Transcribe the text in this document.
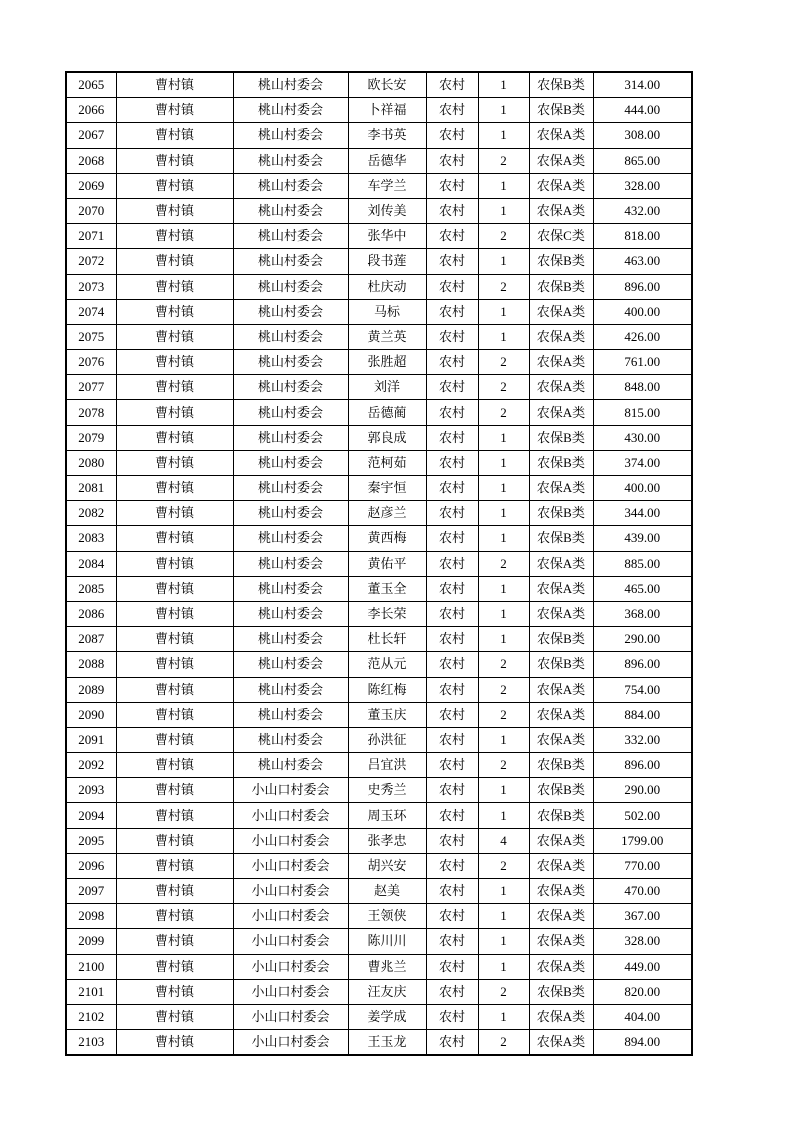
2065	曹村镇	桃山村委会	欧长安	农村	1	农保B类	314.00
2066	曹村镇	桃山村委会	卜祥福	农村	1	农保B类	444.00
2067	曹村镇	桃山村委会	李书英	农村	1	农保A类	308.00
2068	曹村镇	桃山村委会	岳德华	农村	2	农保A类	865.00
2069	曹村镇	桃山村委会	车学兰	农村	1	农保A类	328.00
2070	曹村镇	桃山村委会	刘传美	农村	1	农保A类	432.00
2071	曹村镇	桃山村委会	张华中	农村	2	农保C类	818.00
2072	曹村镇	桃山村委会	段书莲	农村	1	农保B类	463.00
2073	曹村镇	桃山村委会	杜庆动	农村	2	农保B类	896.00
2074	曹村镇	桃山村委会	马标	农村	1	农保A类	400.00
2075	曹村镇	桃山村委会	黄兰英	农村	1	农保A类	426.00
2076	曹村镇	桃山村委会	张胜超	农村	2	农保A类	761.00
2077	曹村镇	桃山村委会	刘洋	农村	2	农保A类	848.00
2078	曹村镇	桃山村委会	岳德蔺	农村	2	农保A类	815.00
2079	曹村镇	桃山村委会	郭良成	农村	1	农保B类	430.00
2080	曹村镇	桃山村委会	范柯茹	农村	1	农保B类	374.00
2081	曹村镇	桃山村委会	秦宇恒	农村	1	农保A类	400.00
2082	曹村镇	桃山村委会	赵彦兰	农村	1	农保B类	344.00
2083	曹村镇	桃山村委会	黄西梅	农村	1	农保B类	439.00
2084	曹村镇	桃山村委会	黄佑平	农村	2	农保A类	885.00
2085	曹村镇	桃山村委会	董玉全	农村	1	农保A类	465.00
2086	曹村镇	桃山村委会	李长荣	农村	1	农保A类	368.00
2087	曹村镇	桃山村委会	杜长轩	农村	1	农保B类	290.00
2088	曹村镇	桃山村委会	范从元	农村	2	农保B类	896.00
2089	曹村镇	桃山村委会	陈红梅	农村	2	农保A类	754.00
2090	曹村镇	桃山村委会	董玉庆	农村	2	农保A类	884.00
2091	曹村镇	桃山村委会	孙洪征	农村	1	农保A类	332.00
2092	曹村镇	桃山村委会	吕宜洪	农村	2	农保B类	896.00
2093	曹村镇	小山口村委会	史秀兰	农村	1	农保B类	290.00
2094	曹村镇	小山口村委会	周玉环	农村	1	农保B类	502.00
2095	曹村镇	小山口村委会	张孝忠	农村	4	农保A类	1799.00
2096	曹村镇	小山口村委会	胡兴安	农村	2	农保A类	770.00
2097	曹村镇	小山口村委会	赵美	农村	1	农保A类	470.00
2098	曹村镇	小山口村委会	王领侠	农村	1	农保A类	367.00
2099	曹村镇	小山口村委会	陈川川	农村	1	农保A类	328.00
2100	曹村镇	小山口村委会	曹兆兰	农村	1	农保A类	449.00
2101	曹村镇	小山口村委会	汪友庆	农村	2	农保B类	820.00
2102	曹村镇	小山口村委会	姜学成	农村	1	农保A类	404.00
2103	曹村镇	小山口村委会	王玉龙	农村	2	农保A类	894.00
